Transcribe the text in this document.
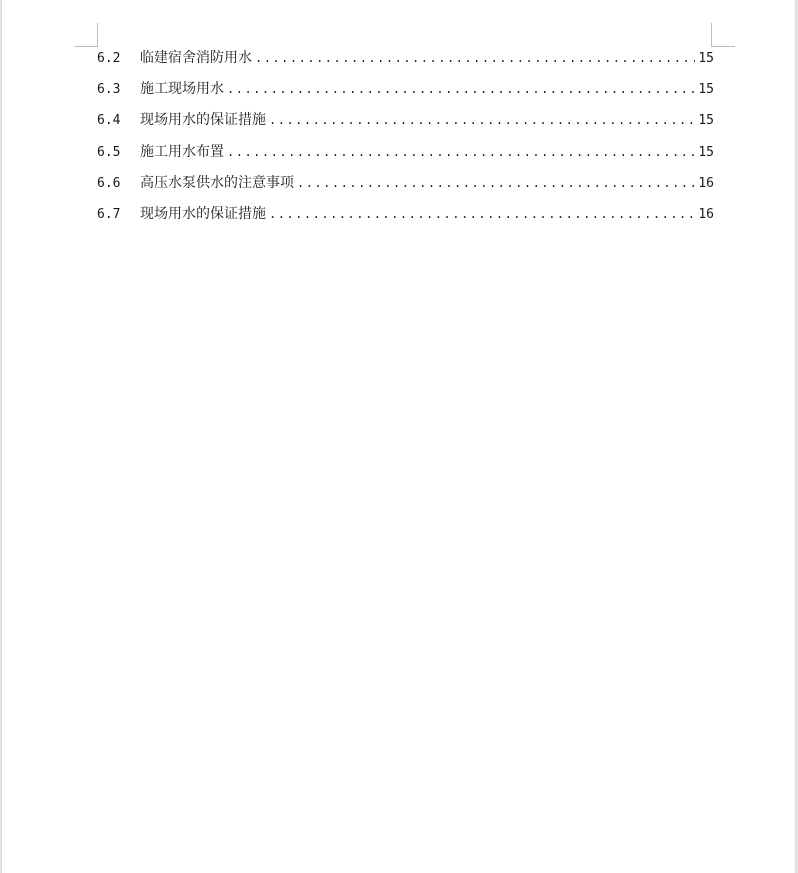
6.2	临建宿舍消防用水 .....	15
6.3	施工现场用水 .....	15
6.4	现场用水的保证措施 .....	15
6.5	施工用水布置 .....	15
6.6	高压水泵供水的注意事项 .....	16
6.7	现场用水的保证措施 .....	16
